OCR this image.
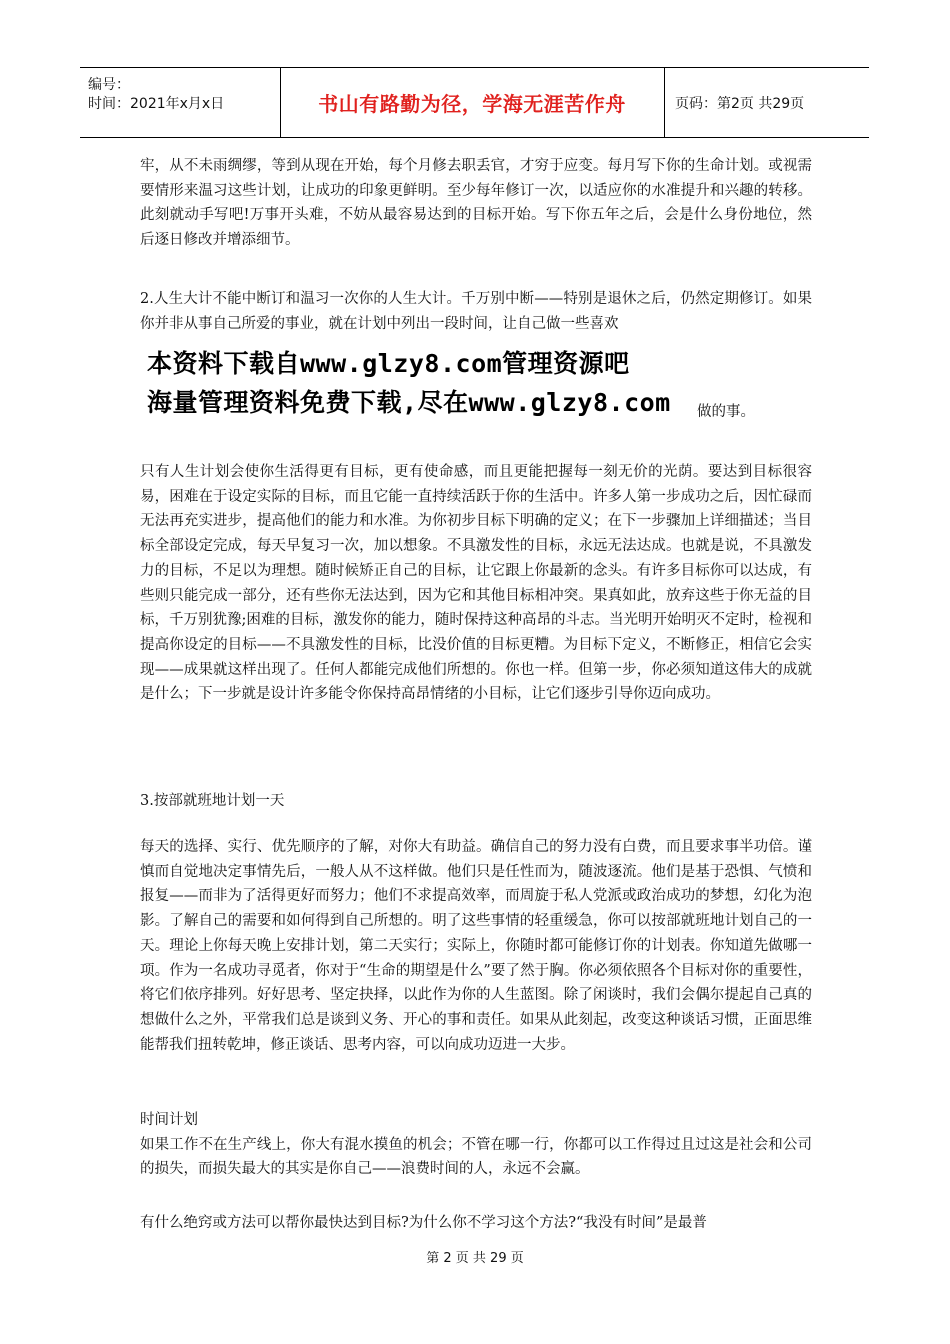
编号：
时间：2021年x月x日	书山有路勤为径，学海无涯苦作舟	页码：第2页 共29页

牢，从不未雨绸缪，等到从现在开始，每个月修去职丢官，才穷于应变。每月写下你的生命计划。或视需要情形来温习这些计划，让成功的印象更鲜明。至少每年修订一次，以适应你的水准提升和兴趣的转移。此刻就动手写吧!万事开头难，不妨从最容易达到的目标开始。写下你五年之后，会是什么身份地位，然后逐日修改并增添细节。

2.人生大计不能中断订和温习一次你的人生大计。千万别中断——特别是退休之后，仍然定期修订。如果你并非从事自己所爱的事业，就在计划中列出一段时间，让自己做一些喜欢

本资料下载自www.glzy8.com管理资源吧
海量管理资料免费下载,尽在www.glzy8.com 做的事。

只有人生计划会使你生活得更有目标，更有使命感，而且更能把握每一刻无价的光荫。要达到目标很容易，困难在于设定实际的目标，而且它能一直持续活跃于你的生活中。许多人第一步成功之后，因忙碌而无法再充实进步，提高他们的能力和水准。为你初步目标下明确的定义；在下一步骤加上详细描述；当目标全部设定完成，每天早复习一次，加以想象。不具激发性的目标，永远无法达成。也就是说，不具激发力的目标，不足以为理想。随时候矫正自己的目标，让它跟上你最新的念头。有许多目标你可以达成，有些则只能完成一部分，还有些你无法达到，因为它和其他目标相冲突。果真如此，放弃这些于你无益的目标，千万别犹豫;困难的目标，激发你的能力，随时保持这种高昂的斗志。当光明开始明灭不定时，检视和提高你设定的目标——不具激发性的目标，比没价值的目标更糟。为目标下定义，不断修正，相信它会实现——成果就这样出现了。任何人都能完成他们所想的。你也一样。但第一步，你必须知道这伟大的成就是什么；下一步就是设计许多能令你保持高昂情绪的小目标，让它们逐步引导你迈向成功。

3.按部就班地计划一天

每天的选择、实行、优先顺序的了解，对你大有助益。确信自己的努力没有白费，而且要求事半功倍。谨慎而自觉地决定事情先后，一般人从不这样做。他们只是任性而为，随波逐流。他们是基于恐惧、气愤和报复——而非为了活得更好而努力；他们不求提高效率，而周旋于私人党派或政治成功的梦想，幻化为泡影。了解自己的需要和如何得到自己所想的。明了这些事情的轻重缓急，你可以按部就班地计划自己的一天。理论上你每天晚上安排计划，第二天实行；实际上，你随时都可能修订你的计划表。你知道先做哪一项。作为一名成功寻觅者，你对于“生命的期望是什么”要了然于胸。你必须依照各个目标对你的重要性，将它们依序排列。好好思考、坚定抉择，以此作为你的人生蓝图。除了闲谈时，我们会偶尔提起自己真的想做什么之外，平常我们总是谈到义务、开心的事和责任。如果从此刻起，改变这种谈话习惯，正面思维能帮我们扭转乾坤，修正谈话、思考内容，可以向成功迈进一大步。

时间计划
如果工作不在生产线上，你大有混水摸鱼的机会；不管在哪一行，你都可以工作得过且过这是社会和公司的损失，而损失最大的其实是你自己——浪费时间的人，永远不会赢。

有什么绝窍或方法可以帮你最快达到目标?为什么你不学习这个方法?“我没有时间”是最普

第 2 页 共 29 页
